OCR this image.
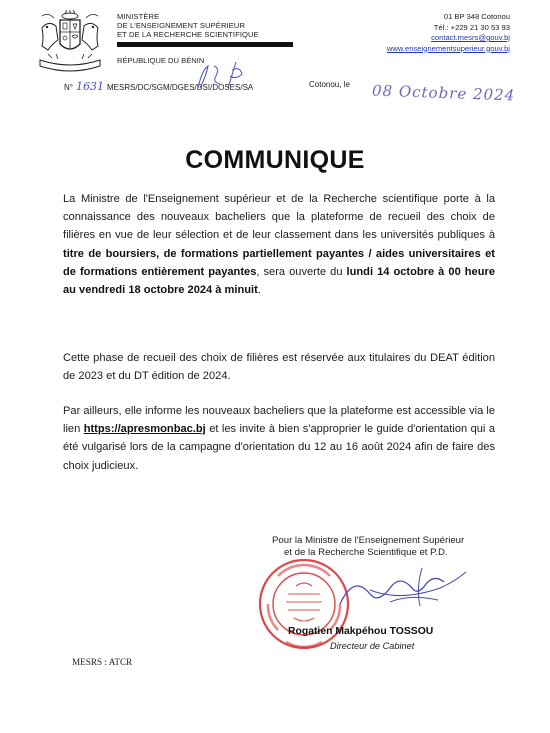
MINISTÈRE
DE L'ENSEIGNEMENT SUPÉRIEUR
ET DE LA RECHERCHE SCIENTIFIQUE
RÉPUBLIQUE DU BÉNIN
01 BP 348 Cotonou
Tél.: +229 21 30 53 93
contact.mesrs@gouv.bj
www.enseignementsuperieur.gouv.bj
N° 1631 MESRS/DC/SGM/DGES/DSI/DOSES/SA	Cotonou, le 08 Octobre 2024
COMMUNIQUE
La Ministre de l'Enseignement supérieur et de la Recherche scientifique porte à la connaissance des nouveaux bacheliers que la plateforme de recueil des choix de filières en vue de leur sélection et de leur classement dans les universités publiques à titre de boursiers, de formations partiellement payantes / aides universitaires et de formations entièrement payantes, sera ouverte du lundi 14 octobre à 00 heure au vendredi 18 octobre 2024 à minuit.
Cette phase de recueil des choix de filières est réservée aux titulaires du DEAT édition de 2023 et du DT édition de 2024.
Par ailleurs, elle informe les nouveaux bacheliers que la plateforme est accessible via le lien https://apresmonbac.bj et les invite à bien s'approprier le guide d'orientation qui a été vulgarisé lors de la campagne d'orientation du 12 au 16 août 2024 afin de faire des choix judicieux.
Pour la Ministre de l'Enseignement Supérieur
et de la Recherche Scientifique et P.D.
Rogatien Makpéhou TOSSOU
Directeur de Cabinet
MESRS : ATCR
